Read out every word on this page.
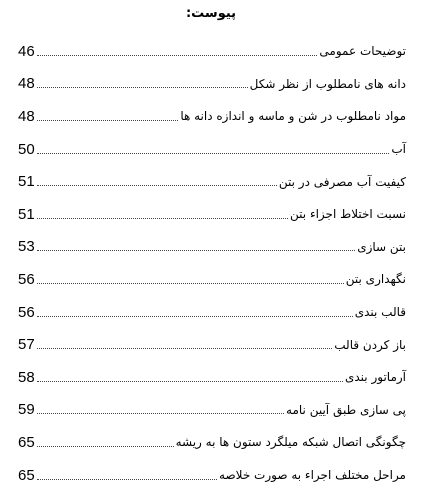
پیوست:
46	توضیحات عمومی
48	دانه های نامطلوب از نظر شکل
48	مواد نامطلوب در شن و ماسه و اندازه دانه ها
50	آب
51	کیفیت آب مصرفی در بتن
51	نسبت اختلاط اجزاء بتن
53	بتن سازی
56	نگهداری بتن
56	قالب بندی
57	باز کردن قالب
58	آرماتور بندی
59	پی سازی طبق آیین نامه
65	چگونگی اتصال شبکه میلگرد ستون ها به ریشه
65	مراحل مختلف اجراء به صورت خلاصه
